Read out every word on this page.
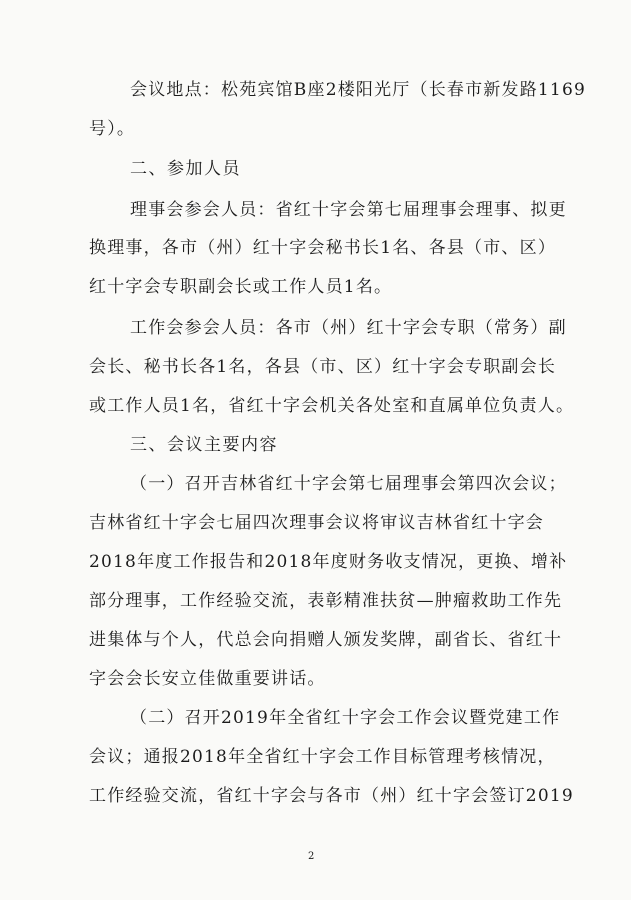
会议地点：松苑宾馆B座2楼阳光厅（长春市新发路1169
号）。
二、参加人员
理事会参会人员：省红十字会第七届理事会理事、拟更
换理事，各市（州）红十字会秘书长1名、各县（市、区）
红十字会专职副会长或工作人员1名。
工作会参会人员：各市（州）红十字会专职（常务）副
会长、秘书长各1名，各县（市、区）红十字会专职副会长
或工作人员1名，省红十字会机关各处室和直属单位负责人。
三、会议主要内容
（一）召开吉林省红十字会第七届理事会第四次会议；
吉林省红十字会七届四次理事会议将审议吉林省红十字会
2018年度工作报告和2018年度财务收支情况，更换、增补
部分理事，工作经验交流，表彰精准扶贫—肿瘤救助工作先
进集体与个人，代总会向捐赠人颁发奖牌，副省长、省红十
字会会长安立佳做重要讲话。
（二）召开2019年全省红十字会工作会议暨党建工作
会议；通报2018年全省红十字会工作目标管理考核情况，
工作经验交流，省红十字会与各市（州）红十字会签订2019
2
